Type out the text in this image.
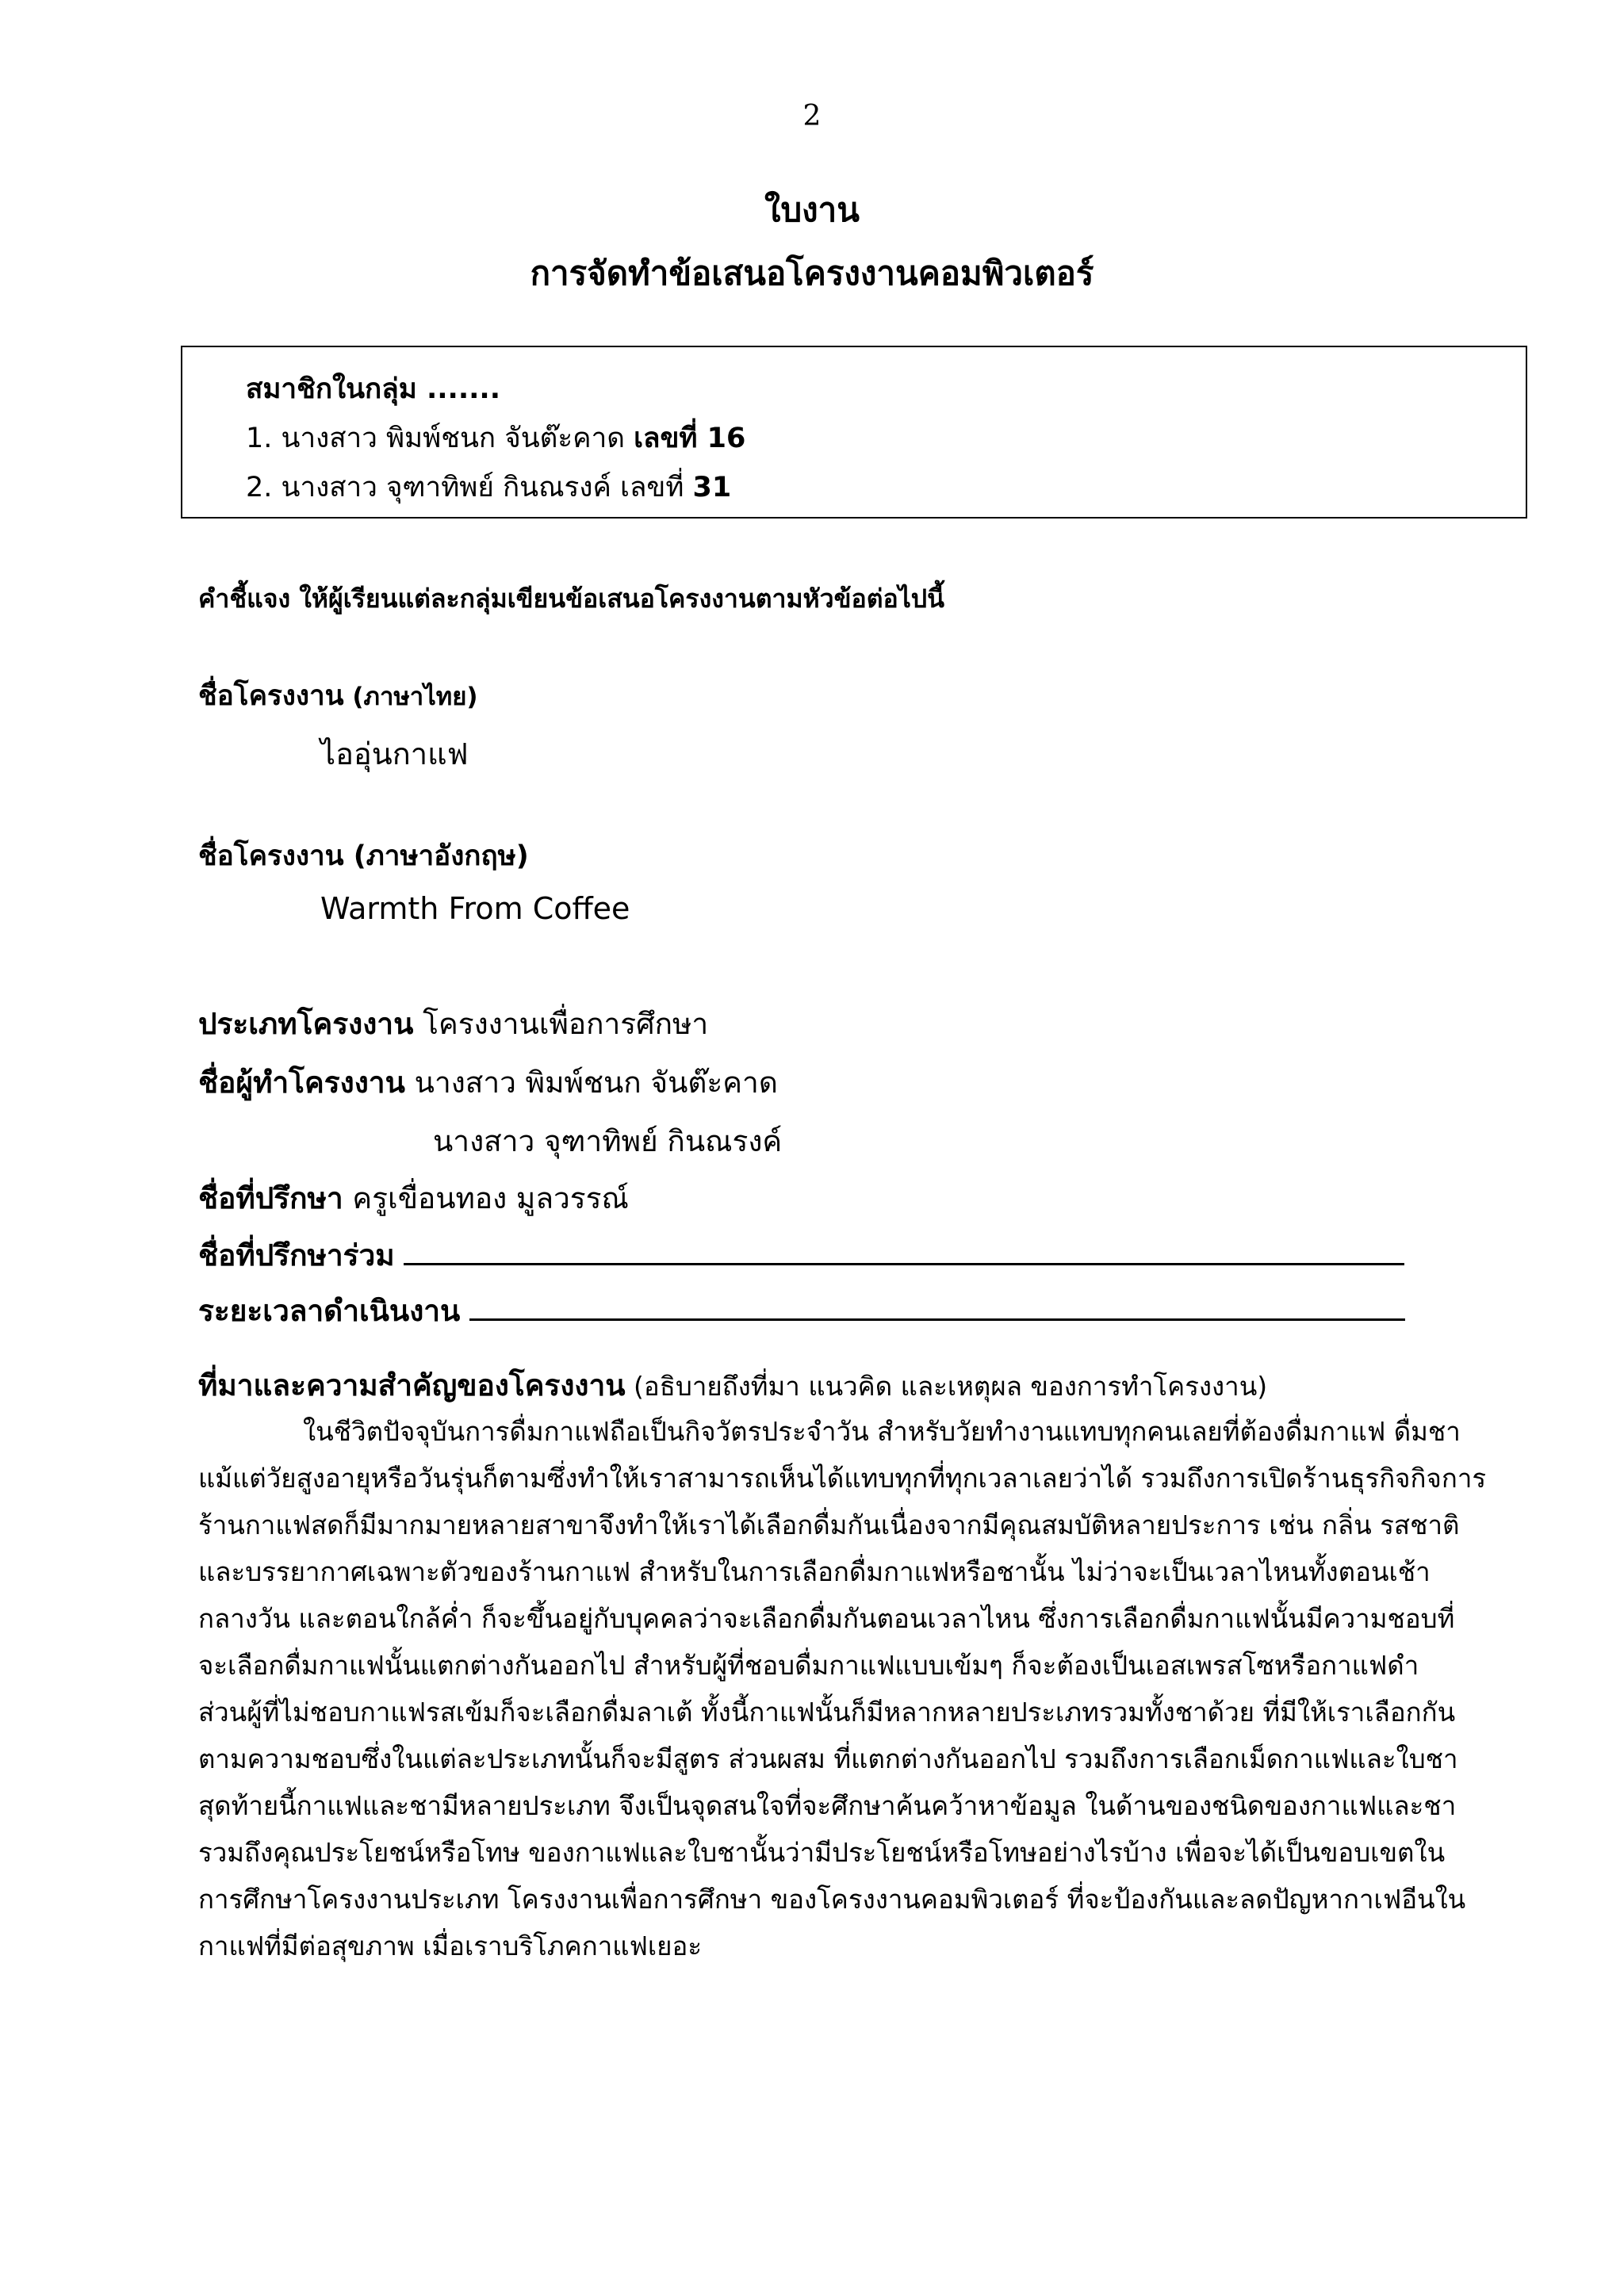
2
ใบงาน
การจัดทำข้อเสนอโครงงานคอมพิวเตอร์
สมาชิกในกลุ่ม .......
1. นางสาว พิมพ์ชนก จันต๊ะคาด เลขที่ 16
2. นางสาว จุฑาทิพย์ กินณรงค์ เลขที่ 31
คำชี้แจง ให้ผู้เรียนแต่ละกลุ่มเขียนข้อเสนอโครงงานตามหัวข้อต่อไปนี้
ชื่อโครงงาน (ภาษาไทย)
ไออุ่นกาแฟ
ชื่อโครงงาน (ภาษาอังกฤษ)
Warmth From Coffee
ประเภทโครงงาน โครงงานเพื่อการศึกษา
ชื่อผู้ทำโครงงาน นางสาว พิมพ์ชนก จันต๊ะคาด
นางสาว จุฑาทิพย์ กินณรงค์
ชื่อที่ปรึกษา ครูเขื่อนทอง มูลวรรณ์
ชื่อที่ปรึกษาร่วม
ระยะเวลาดำเนินงาน
ที่มาและความสำคัญของโครงงาน (อธิบายถึงที่มา แนวคิด และเหตุผล ของการทำโครงงาน)
ในชีวิตปัจจุบันการดื่มกาแฟถือเป็นกิจวัตรประจำวัน สำหรับวัยทำงานแทบทุกคนเลยที่ต้องดื่มกาแฟ ดื่มชา
แม้แต่วัยสูงอายุหรือวันรุ่นก็ตามซึ่งทำให้เราสามารถเห็นได้แทบทุกที่ทุกเวลาเลยว่าได้ รวมถึงการเปิดร้านธุรกิจกิจการ
ร้านกาแฟสดก็มีมากมายหลายสาขาจึงทำให้เราได้เลือกดื่มกันเนื่องจากมีคุณสมบัติหลายประการ เช่น กลิ่น รสชาติ
และบรรยากาศเฉพาะตัวของร้านกาแฟ สำหรับในการเลือกดื่มกาแฟหรือชานั้น ไม่ว่าจะเป็นเวลาไหนทั้งตอนเช้า
กลางวัน และตอนใกล้ค่ำ ก็จะขึ้นอยู่กับบุคคลว่าจะเลือกดื่มกันตอนเวลาไหน ซึ่งการเลือกดื่มกาแฟนั้นมีความชอบที่
จะเลือกดื่มกาแฟนั้นแตกต่างกันออกไป สำหรับผู้ที่ชอบดื่มกาแฟแบบเข้มๆ ก็จะต้องเป็นเอสเพรสโซหรือกาแฟดำ
ส่วนผู้ที่ไม่ชอบกาแฟรสเข้มก็จะเลือกดื่มลาเต้ ทั้งนี้กาแฟนั้นก็มีหลากหลายประเภทรวมทั้งชาด้วย ที่มีให้เราเลือกกัน
ตามความชอบซึ่งในแต่ละประเภทนั้นก็จะมีสูตร ส่วนผสม ที่แตกต่างกันออกไป รวมถึงการเลือกเม็ดกาแฟและใบชา
สุดท้ายนี้กาแฟและชามีหลายประเภท จึงเป็นจุดสนใจที่จะศึกษาค้นคว้าหาข้อมูล ในด้านของชนิดของกาแฟและชา
รวมถึงคุณประโยชน์หรือโทษ ของกาแฟและใบชานั้นว่ามีประโยชน์หรือโทษอย่างไรบ้าง เพื่อจะได้เป็นขอบเขตใน
การศึกษาโครงงานประเภท โครงงานเพื่อการศึกษา ของโครงงานคอมพิวเตอร์ ที่จะป้องกันและลดปัญหากาเฟอีนใน
กาแฟที่มีต่อสุขภาพ เมื่อเราบริโภคกาแฟเยอะ
